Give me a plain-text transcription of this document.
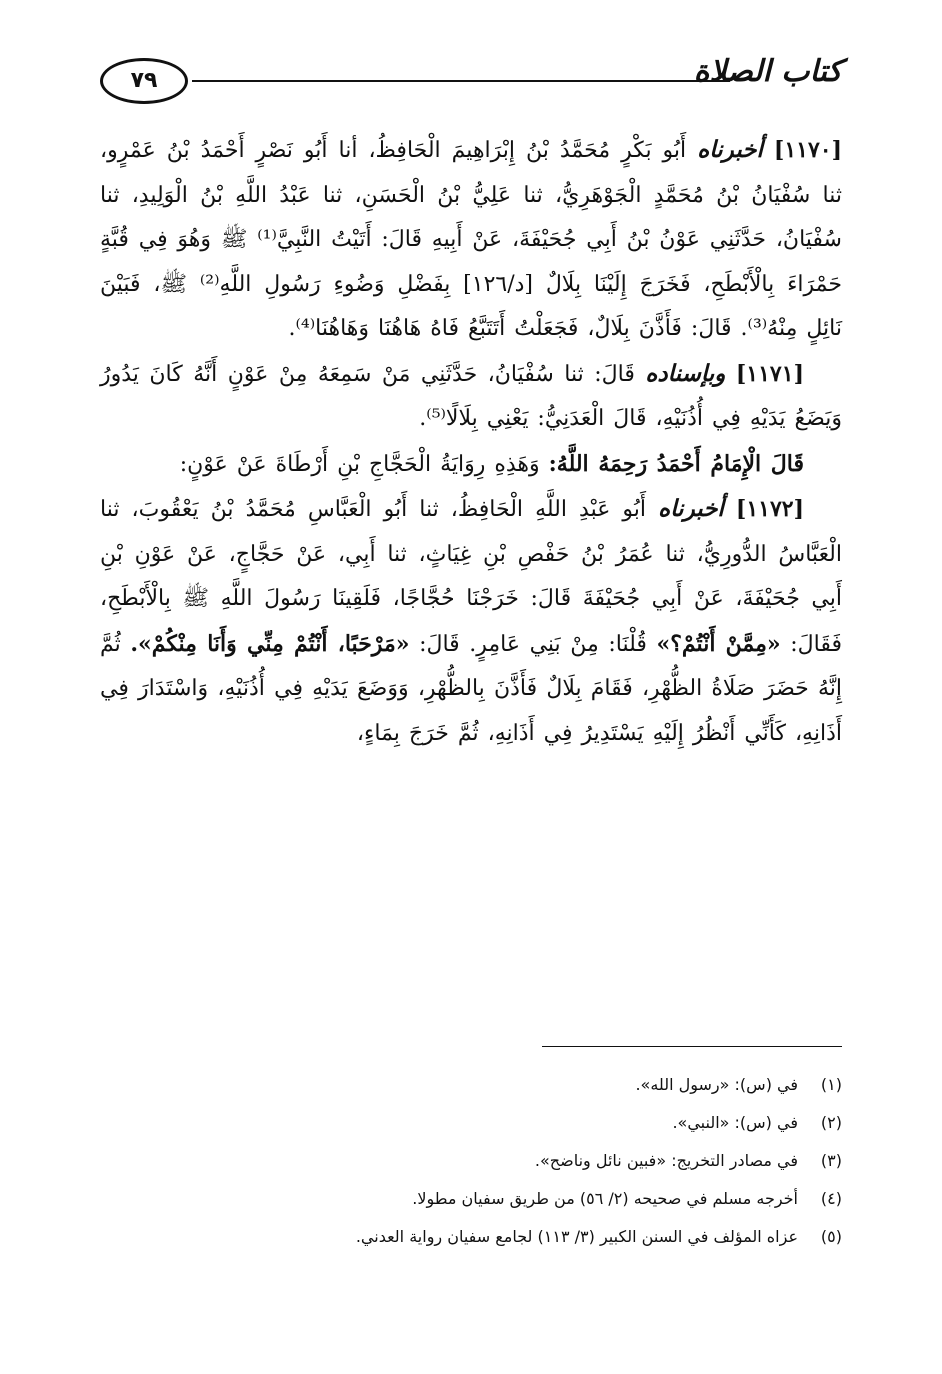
٧٩	كتاب الصلاة

[١١٧٠] أخبرناه أَبُو بَكْرٍ مُحَمَّدُ بْنُ إِبْرَاهِيمَ الْحَافِظُ، أنا أَبُو نَصْرٍ أَحْمَدُ بْنُ عَمْرٍو، ثنا سُفْيَانُ بْنُ مُحَمَّدٍ الْجَوْهَرِيُّ، ثنا عَلِيُّ بْنُ الْحَسَنِ، ثنا عَبْدُ اللَّهِ بْنُ الْوَلِيدِ، ثنا سُفْيَانُ، حَدَّثَنِي عَوْنُ بْنُ أَبِي جُحَيْفَةَ، عَنْ أَبِيهِ قَالَ: أَتَيْتُ النَّبِيَّ⁽¹⁾ ﷺ وَهُوَ فِي قُبَّةٍ حَمْرَاءَ بِالْأَبْطَحِ، فَخَرَجَ إِلَيْنَا بِلَالٌ [د/١٢٦] بِفَضْلِ وَضُوءِ رَسُولِ اللَّهِ⁽²⁾ ﷺ، فَبَيْنَ نَائِلٍ مِنْهُ⁽³⁾. قَالَ: فَأَذَّنَ بِلَالٌ، فَجَعَلْتُ أَتَتَبَّعُ فَاهُ هَاهُنَا وَهَاهُنَا⁽⁴⁾.

[١١٧١] وبإسناده قَالَ: ثنا سُفْيَانُ، حَدَّثَنِي مَنْ سَمِعَهُ مِنْ عَوْنٍ أَنَّهُ كَانَ يَدُورُ وَيَضَعُ يَدَيْهِ فِي أُذُنَيْهِ، قَالَ الْعَدَنِيُّ: يَعْنِي بِلَالًا⁽⁵⁾.

قَالَ الْإِمَامُ أَحْمَدُ رَحِمَهُ اللَّهُ: وَهَذِهِ رِوَايَةُ الْحَجَّاجِ بْنِ أَرْطَاةَ عَنْ عَوْنٍ:

[١١٧٢] أخبرناه أَبُو عَبْدِ اللَّهِ الْحَافِظُ، ثنا أَبُو الْعَبَّاسِ مُحَمَّدُ بْنُ يَعْقُوبَ، ثنا الْعَبَّاسُ الدُّورِيُّ، ثنا عُمَرُ بْنُ حَفْصِ بْنِ غِيَاثٍ، ثنا أَبِي، عَنْ حَجَّاجٍ، عَنْ عَوْنِ بْنِ أَبِي جُحَيْفَةَ، عَنْ أَبِي جُحَيْفَةَ قَالَ: خَرَجْنَا حُجَّاجًا، فَلَقِينَا رَسُولَ اللَّهِ ﷺ بِالْأَبْطَحِ، فَقَالَ: «مِمَّنْ أَنْتُمْ؟» قُلْنَا: مِنْ بَنِي عَامِرٍ. قَالَ: «مَرْحَبًا، أَنْتُمْ مِنِّي وَأَنَا مِنْكُمْ». ثُمَّ إِنَّهُ حَضَرَ صَلَاةُ الظُّهْرِ، فَقَامَ بِلَالٌ فَأَذَّنَ بِالظُّهْرِ، وَوَضَعَ يَدَيْهِ فِي أُذُنَيْهِ، وَاسْتَدَارَ فِي أَذَانِهِ، كَأَنِّي أَنْظُرُ إِلَيْهِ يَسْتَدِيرُ فِي أَذَانِهِ، ثُمَّ خَرَجَ بِمَاءٍ،

(١)
في (س): «رسول الله».
(٢)
في (س): «النبي».
(٣)
في مصادر التخريج: «فبين نائل وناضح».
(٤)
أخرجه مسلم في صحيحه (٢/ ٥٦) من طريق سفيان مطولا.
(٥)
عزاه المؤلف في السنن الكبير (٣/ ١١٣) لجامع سفيان رواية العدني.
